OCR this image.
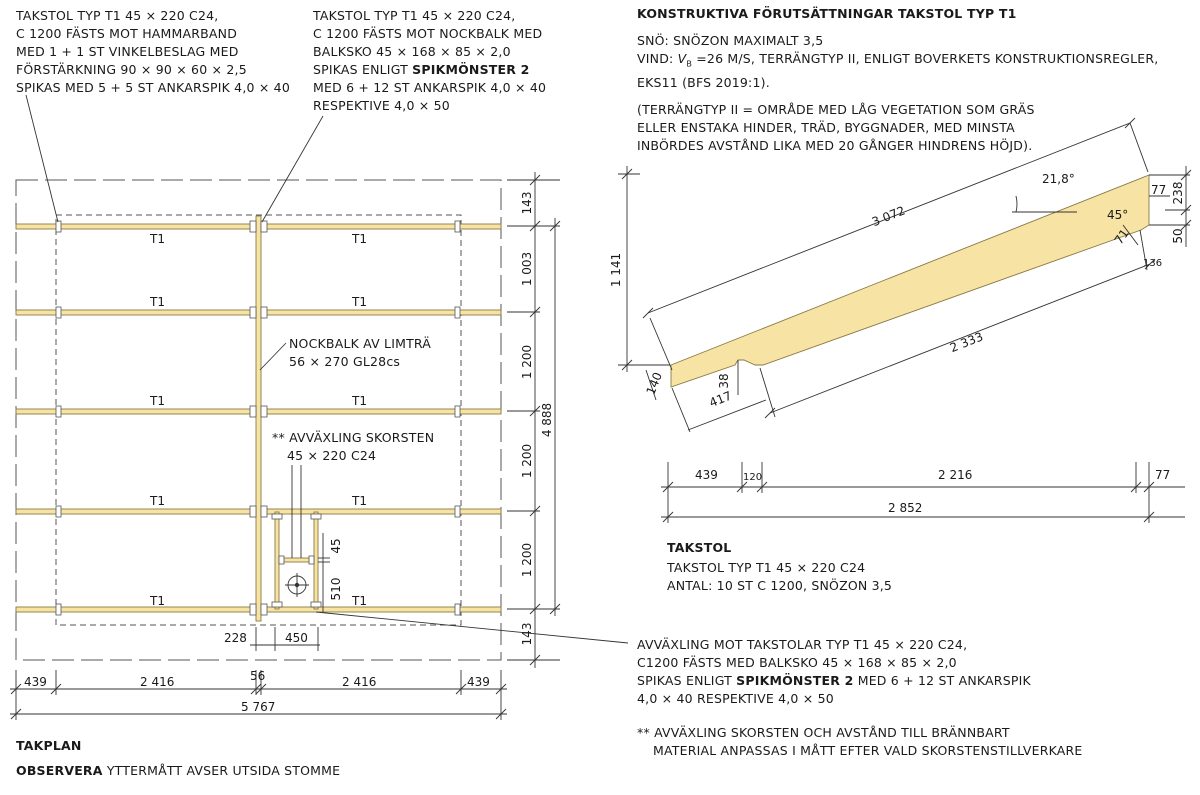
T1	T1
T1	T1
T1	T1
T1	T1
T1	T1
143
1 003
1 200
1 200
1 200
143
4 888
45
510
228	450
439	2 416	56	2 416	439
5 767
3 072
21,8°
45°
1 141
238
50
77
71
136
2 333
140	38
417
439	120	2 216	77
2 852
TAKSTOL TYP T1 45 × 220 C24,
C 1200 FÄSTS MOT HAMMARBAND
MED 1 + 1 ST VINKELBESLAG MED
FÖRSTÄRKNING 90 × 90 × 60 × 2,5
SPIKAS MED 5 + 5 ST ANKARSPIK 4,0 × 40
TAKSTOL TYP T1 45 × 220 C24,
C 1200 FÄSTS MOT NOCKBALK MED
BALKSKO 45 × 168 × 85 × 2,0
SPIKAS ENLIGT SPIKMÖNSTER 2
MED 6 + 12 ST ANKARSPIK 4,0 × 40
RESPEKTIVE 4,0 × 50
NOCKBALK AV LIMTRÄ
56 × 270 GL28cs
** AVVÄXLING SKORSTEN
45 × 220 C24
TAKPLAN
OBSERVERA YTTERMÅTT AVSER UTSIDA STOMME
KONSTRUKTIVA FÖRUTSÄTTNINGAR TAKSTOL TYP T1
SNÖ: SNÖZON MAXIMALT 3,5
VIND: $V_B =26$ M/S, TERRÄNGTYP II, ENLIGT BOVERKETS KONSTRUKTIONSREGLER,
EKS11 (BFS 2019:1).
(TERRÄNGTYP II = OMRÅDE MED LÅG VEGETATION SOM GRÄS
ELLER ENSTAKA HINDER, TRÄD, BYGGNADER, MED MINSTA
INBÖRDES AVSTÅND LIKA MED 20 GÅNGER HINDRENS HÖJD).
TAKSTOL
TAKSTOL TYP T1 45 × 220 C24
ANTAL: 10 ST C 1200, SNÖZON 3,5
AVVÄXLING MOT TAKSTOLAR TYP T1 45 × 220 C24,
C1200 FÄSTS MED BALKSKO 45 × 168 × 85 × 2,0
SPIKAS ENLIGT SPIKMÖNSTER 2 MED 6 + 12 ST ANKARSPIK
4,0 × 40 RESPEKTIVE 4,0 × 50
** AVVÄXLING SKORSTEN OCH AVSTÅND TILL BRÄNNBART
MATERIAL ANPASSAS I MÅTT EFTER VALD SKORSTENSTILLVERKARE
